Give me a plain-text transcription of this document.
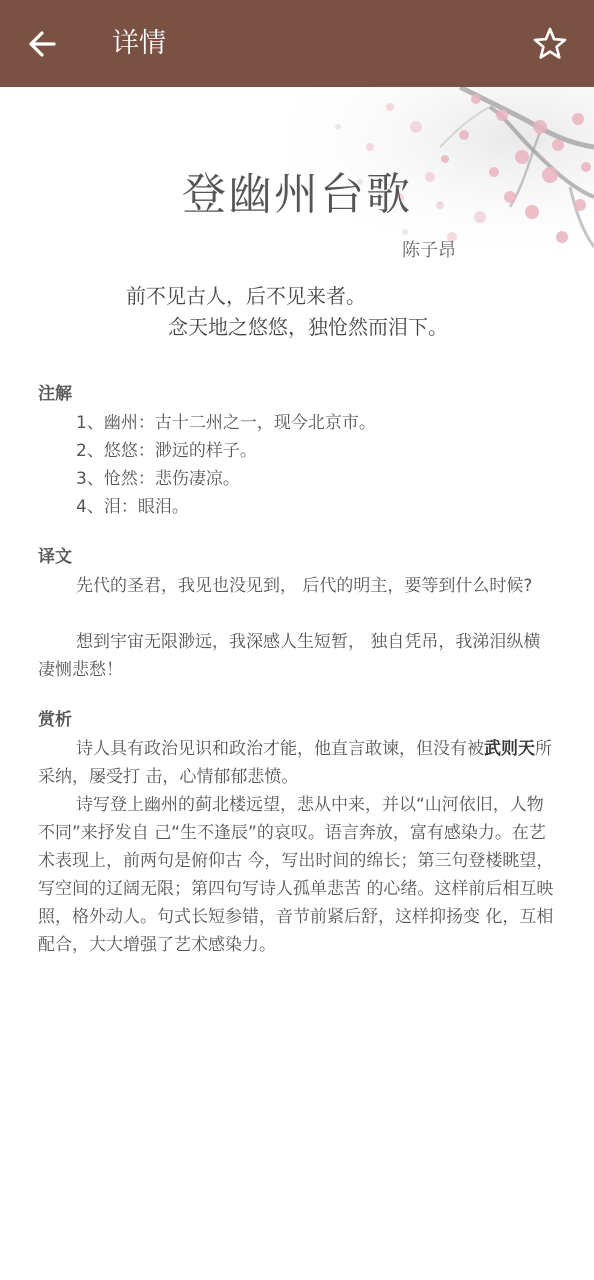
详情
登幽州台歌
陈子昂
前不见古人，后不见来者。
念天地之悠悠，独怆然而泪下。
注解
1、幽州：古十二州之一，现今北京市。
2、悠悠：渺远的样子。
3、怆然：悲伤凄凉。
4、泪：眼泪。
译文

先代的圣君，我见也没见到， 后代的明主，要等到什么时候?

想到宇宙无限渺远，我深感人生短暂， 独自凭吊，我涕泪纵横凄恻悲愁！

赏析

诗人具有政治见识和政治才能，他直言敢谏，但没有被武则天所采纳，屡受打 击，心情郁郁悲愤。

诗写登上幽州的蓟北楼远望，悲从中来，并以“山河依旧，人物不同”来抒发自 己“生不逢辰”的哀叹。语言奔放，富有感染力。在艺术表现上，前两句是俯仰古 今，写出时间的绵长；第三句登楼眺望，写空间的辽阔无限；第四句写诗人孤单悲苦 的心绪。这样前后相互映照，格外动人。句式长短参错，音节前紧后舒，这样抑扬变 化，互相配合，大大增强了艺术感染力。
